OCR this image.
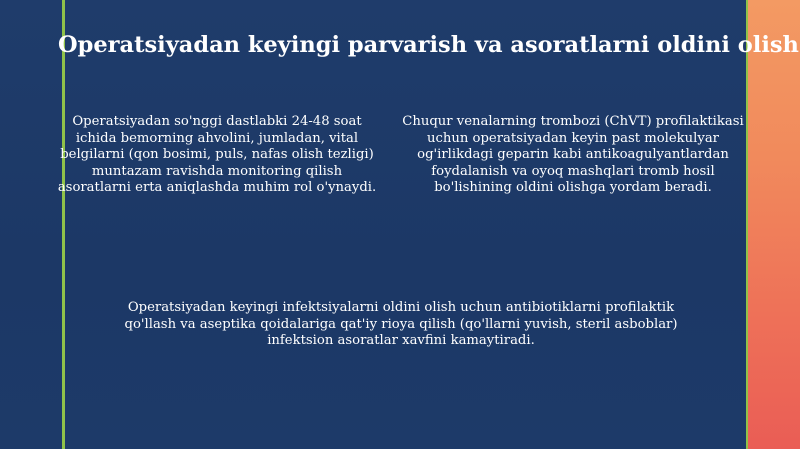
Operatsiyadan keyingi parvarish va asoratlarni oldini olish

Operatsiyadan so'nggi dastlabki 24-48 soat ichida bemorning ahvolini, jumladan, vital belgilarni (qon bosimi, puls, nafas olish tezligi) muntazam ravishda monitoring qilish asoratlarni erta aniqlashda muhim rol o'ynaydi.

Chuqur venalarning trombozi (ChVT) profilaktikasi uchun operatsiyadan keyin past molekulyar og'irlikdagi geparin kabi antikoagulyantlardan foydalanish va oyoq mashqlari tromb hosil bo'lishining oldini olishga yordam beradi.

Operatsiyadan keyingi infektsiyalarni oldini olish uchun antibiotiklarni profilaktik qo'llash va aseptika qoidalariga qat'iy rioya qilish (qo'llarni yuvish, steril asboblar) infektsion asoratlar xavfini kamaytiradi.
